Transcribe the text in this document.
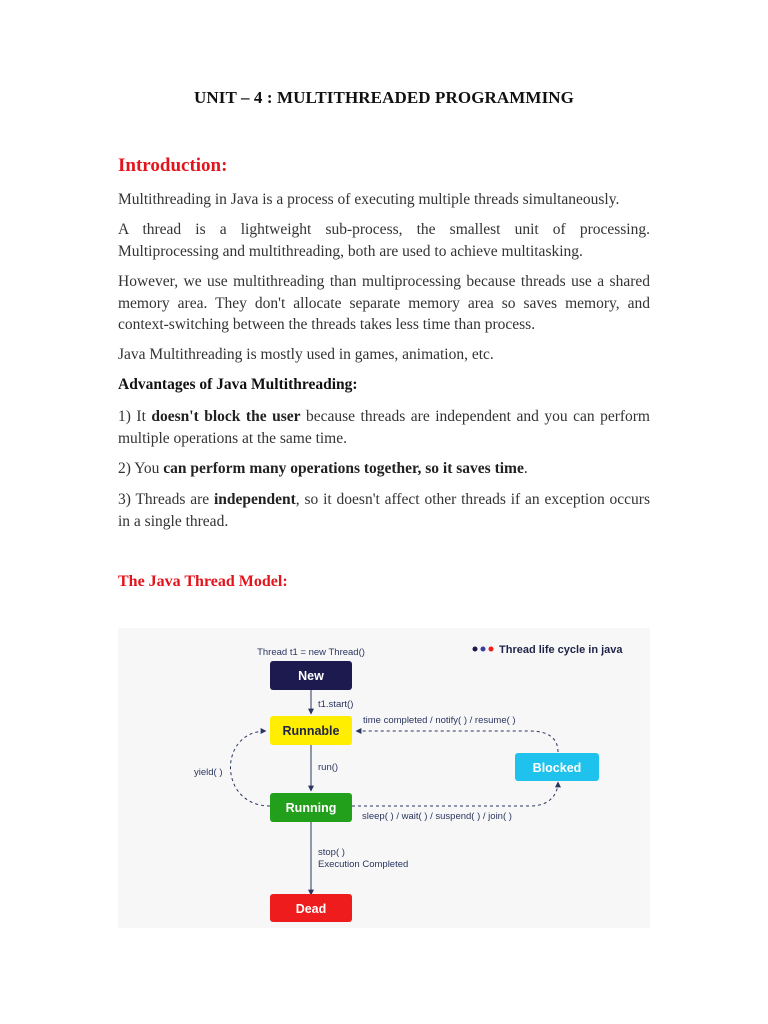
UNIT – 4 : MULTITHREADED PROGRAMMING
Introduction:
Multithreading in Java is a process of executing multiple threads simultaneously.
A thread is a lightweight sub-process, the smallest unit of processing. Multiprocessing and multithreading, both are used to achieve multitasking.
However, we use multithreading than multiprocessing because threads use a shared memory area. They don't allocate separate memory area so saves memory, and context-switching between the threads takes less time than process.
Java Multithreading is mostly used in games, animation, etc.
Advantages of Java Multithreading:
1) It doesn't block the user because threads are independent and you can perform multiple operations at the same time.
2) You can perform many operations together, so it saves time.
3) Threads are independent, so it doesn't affect other threads if an exception occurs in a single thread.
The Java Thread Model:
Thread life cycle in java
Thread t1 = new Thread()
t1.start()
run()
stop( )
Execution Completed
yield( )
sleep( ) / wait( ) / suspend( ) / join( )
time completed / notify( ) / resume( )
New
Runnable
Running
Blocked
Dead
